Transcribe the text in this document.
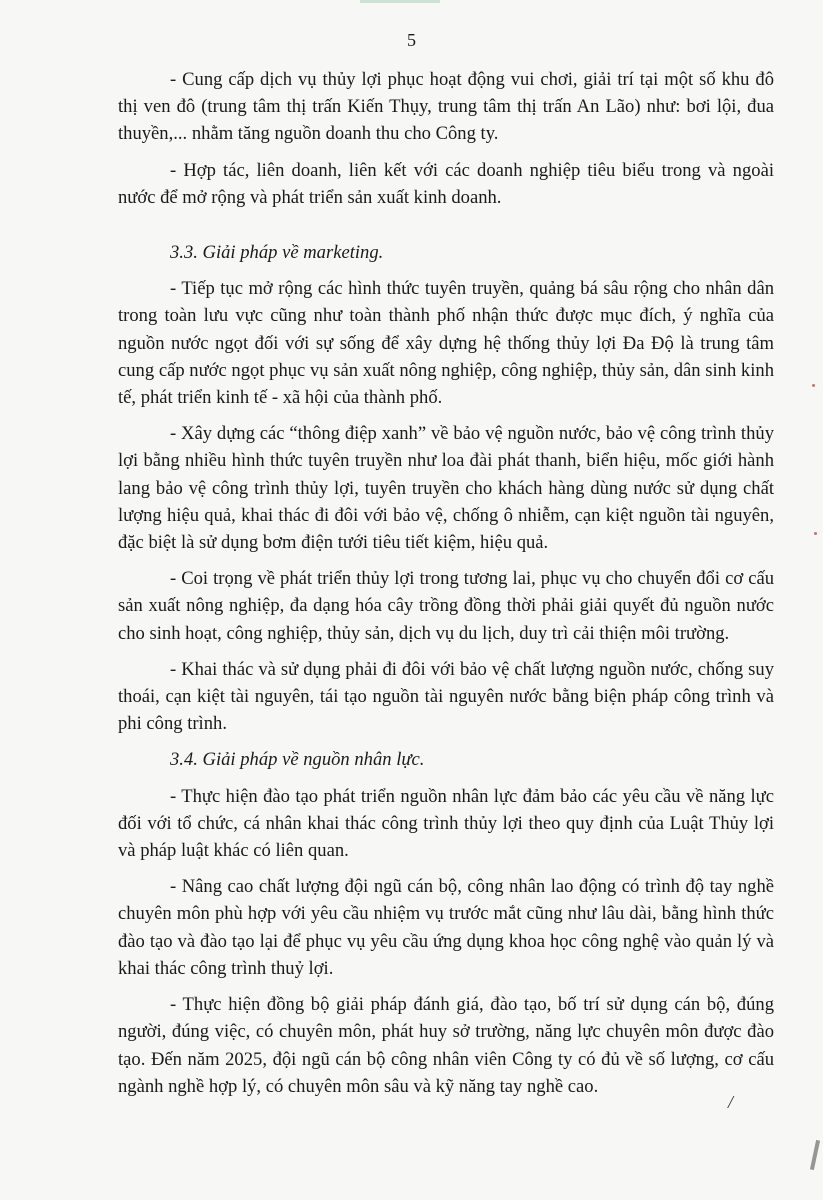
5

- Cung cấp dịch vụ thủy lợi phục hoạt động vui chơi, giải trí tại một số khu đô thị ven đô (trung tâm thị trấn Kiến Thụy, trung tâm thị trấn An Lão) như: bơi lội, đua thuyền,... nhằm tăng nguồn doanh thu cho Công ty.

- Hợp tác, liên doanh, liên kết với các doanh nghiệp tiêu biểu trong và ngoài nước để mở rộng và phát triển sản xuất kinh doanh.

3.3. Giải pháp về marketing.

- Tiếp tục mở rộng các hình thức tuyên truyền, quảng bá sâu rộng cho nhân dân trong toàn lưu vực cũng như toàn thành phố nhận thức được mục đích, ý nghĩa của nguồn nước ngọt đối với sự sống để xây dựng hệ thống thủy lợi Đa Độ là trung tâm cung cấp nước ngọt phục vụ sản xuất nông nghiệp, công nghiệp, thủy sản, dân sinh kinh tế, phát triển kinh tế - xã hội của thành phố.

- Xây dựng các “thông điệp xanh” về bảo vệ nguồn nước, bảo vệ công trình thủy lợi bằng nhiều hình thức tuyên truyền như loa đài phát thanh, biển hiệu, mốc giới hành lang bảo vệ công trình thủy lợi, tuyên truyền cho khách hàng dùng nước sử dụng chất lượng hiệu quả, khai thác đi đôi với bảo vệ, chống ô nhiễm, cạn kiệt nguồn tài nguyên, đặc biệt là sử dụng bơm điện tưới tiêu tiết kiệm, hiệu quả.

- Coi trọng về phát triển thủy lợi trong tương lai, phục vụ cho chuyển đổi cơ cấu sản xuất nông nghiệp, đa dạng hóa cây trồng đồng thời phải giải quyết đủ nguồn nước cho sinh hoạt, công nghiệp, thủy sản, dịch vụ du lịch, duy trì cải thiện môi trường.

- Khai thác và sử dụng phải đi đôi với bảo vệ chất lượng nguồn nước, chống suy thoái, cạn kiệt tài nguyên, tái tạo nguồn tài nguyên nước bằng biện pháp công trình và phi công trình.

3.4. Giải pháp về nguồn nhân lực.

- Thực hiện đào tạo phát triển nguồn nhân lực đảm bảo các yêu cầu về năng lực đối với tổ chức, cá nhân khai thác công trình thủy lợi theo quy định của Luật Thủy lợi và pháp luật khác có liên quan.

- Nâng cao chất lượng đội ngũ cán bộ, công nhân lao động có trình độ tay nghề chuyên môn phù hợp với yêu cầu nhiệm vụ trước mắt cũng như lâu dài, bằng hình thức đào tạo và đào tạo lại để phục vụ yêu cầu ứng dụng khoa học công nghệ vào quản lý và khai thác công trình thuỷ lợi.

- Thực hiện đồng bộ giải pháp đánh giá, đào tạo, bố trí sử dụng cán bộ, đúng người, đúng việc, có chuyên môn, phát huy sở trường, năng lực chuyên môn được đào tạo. Đến năm 2025, đội ngũ cán bộ công nhân viên Công ty có đủ về số lượng, cơ cấu ngành nghề hợp lý, có chuyên môn sâu và kỹ năng tay nghề cao.

/
